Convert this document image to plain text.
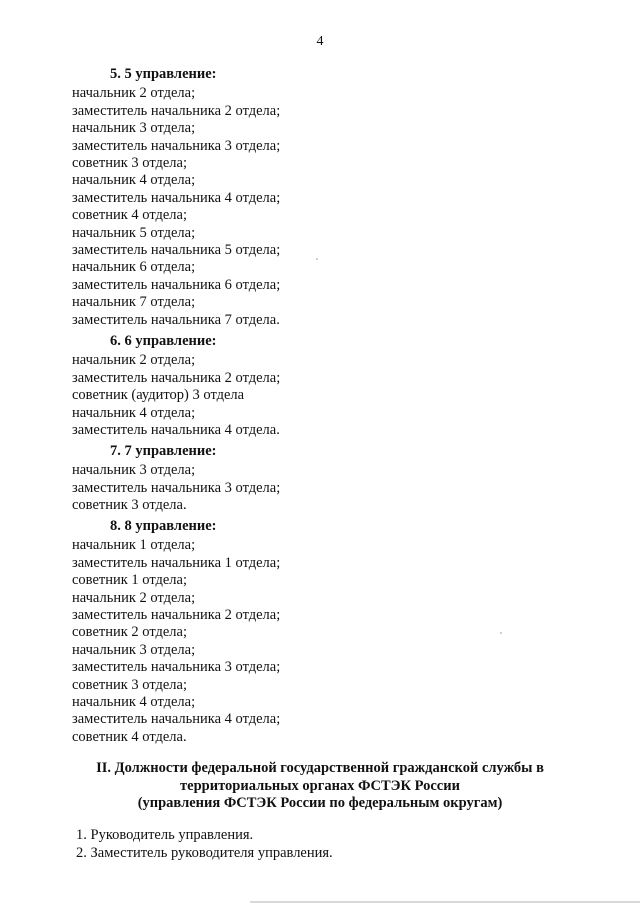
4
5. 5 управление:
начальник 2 отдела;
заместитель начальника 2 отдела;
начальник 3 отдела;
заместитель начальника 3 отдела;
советник 3 отдела;
начальник 4 отдела;
заместитель начальника 4 отдела;
советник 4 отдела;
начальник 5 отдела;
заместитель начальника 5 отдела;
начальник 6 отдела;
заместитель начальника 6 отдела;
начальник 7 отдела;
заместитель начальника 7 отдела.
6. 6 управление:
начальник 2 отдела;
заместитель начальника 2 отдела;
советник (аудитор) 3 отдела
начальник 4 отдела;
заместитель начальника 4 отдела.
7. 7 управление:
начальник 3 отдела;
заместитель начальника 3 отдела;
советник 3 отдела.
8. 8 управление:
начальник 1 отдела;
заместитель начальника 1 отдела;
советник 1 отдела;
начальник 2 отдела;
заместитель начальника 2 отдела;
советник 2 отдела;
начальник 3 отдела;
заместитель начальника 3 отдела;
советник 3 отдела;
начальник 4 отдела;
заместитель начальника 4 отдела;
советник 4 отдела.
II. Должности федеральной государственной гражданской службы в
территориальных органах ФСТЭК России
(управления ФСТЭК России по федеральным округам)
1. Руководитель управления.
2. Заместитель руководителя управления.
